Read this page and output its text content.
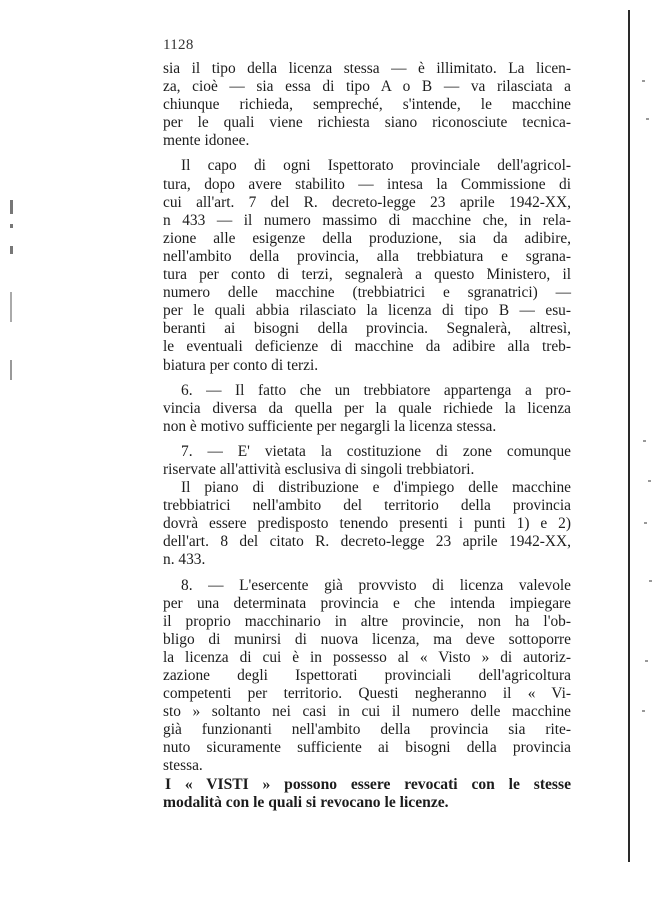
1128

sia il tipo della licenza stessa — è illimitato. La licen-
za, cioè — sia essa di tipo A o B — va rilasciata a
chiunque richieda, sempreché, s'intende, le macchine
per le quali viene richiesta siano riconosciute tecnica-
mente idonee.

Il capo di ogni Ispettorato provinciale dell'agricol-
tura, dopo avere stabilito — intesa la Commissione di
cui all'art. 7 del R. decreto-legge 23 aprile 1942-XX,
n 433 — il numero massimo di macchine che, in rela-
zione alle esigenze della produzione, sia da adibire,
nell'ambito della provincia, alla trebbiatura e sgrana-
tura per conto di terzi, segnalerà a questo Ministero, il
numero delle macchine (trebbiatrici e sgranatrici) —
per le quali abbia rilasciato la licenza di tipo B — esu-
beranti ai bisogni della provincia. Segnalerà, altresì,
le eventuali deficienze di macchine da adibire alla treb-
biatura per conto di terzi.

6. — Il fatto che un trebbiatore appartenga a pro-
vincia diversa da quella per la quale richiede la licenza
non è motivo sufficiente per negargli la licenza stessa.

7. — E' vietata la costituzione di zone comunque
riservate all'attività esclusiva di singoli trebbiatori.

Il piano di distribuzione e d'impiego delle macchine
trebbiatrici nell'ambito del territorio della provincia
dovrà essere predisposto tenendo presenti i punti 1) e 2)
dell'art. 8 del citato R. decreto-legge 23 aprile 1942-XX,
n. 433.

8. — L'esercente già provvisto di licenza valevole
per una determinata provincia e che intenda impiegare
il proprio macchinario in altre provincie, non ha l'ob-
bligo di munirsi di nuova licenza, ma deve sottoporre
la licenza di cui è in possesso al « Visto » di autoriz-
zazione degli Ispettorati provinciali dell'agricoltura
competenti per territorio. Questi negheranno il « Vi-
sto » soltanto nei casi in cui il numero delle macchine
già funzionanti nell'ambito della provincia sia rite-
nuto sicuramente sufficiente ai bisogni della provincia
stessa.

I « VISTI » possono essere revocati con le stesse
modalità con le quali si revocano le licenze.
